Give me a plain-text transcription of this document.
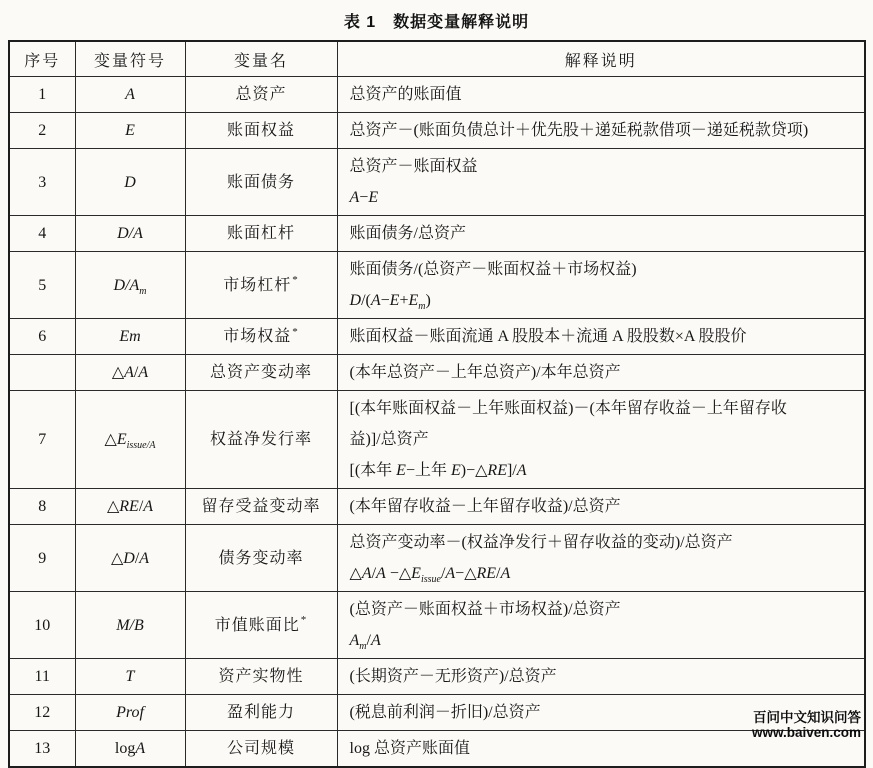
表 1　数据变量解释说明
序号	变量符号	变量名	解释说明
1	A	总资产	总资产的账面值

2	E	账面权益	总资产－(账面负债总计＋优先股＋递延税款借项－递延税款贷项)

3	D	账面债务	总资产－账面权益
A−E

4	D/A	账面杠杆	账面债务/总资产

5	$D/A_m$	市场杠杆*	账面债务/(总资产－账面权益＋市场权益)
$D/(A-E+E_m)$

6	Em	市场权益*	账面权益－账面流通 A 股股本＋流通 A 股股数×A 股股价

	△A/A	总资产变动率	(本年总资产－上年总资产)/本年总资产

7	$\triangle E_{issue/A}$	权益净发行率	[(本年账面权益－上年账面权益)－(本年留存收益－上年留存收
益)]/总资产
[(本年 E−上年 E)−△RE]/A

8	△RE/A	留存受益变动率	(本年留存收益－上年留存收益)/总资产

9	△D/A	债务变动率	总资产变动率－(权益净发行＋留存收益的变动)/总资产
△A/A $-\triangle E_{issue}/A-\triangle RE/A$

10	M/B	市值账面比*	(总资产－账面权益＋市场权益)/总资产
$A_m/A$

11	T	资产实物性	(长期资产－无形资产)/总资产

12	Prof	盈利能力	(税息前利润－折旧)/总资产

13	logA	公司规模	log 总资产账面值
百问中文知识问答
www.baiven.com
